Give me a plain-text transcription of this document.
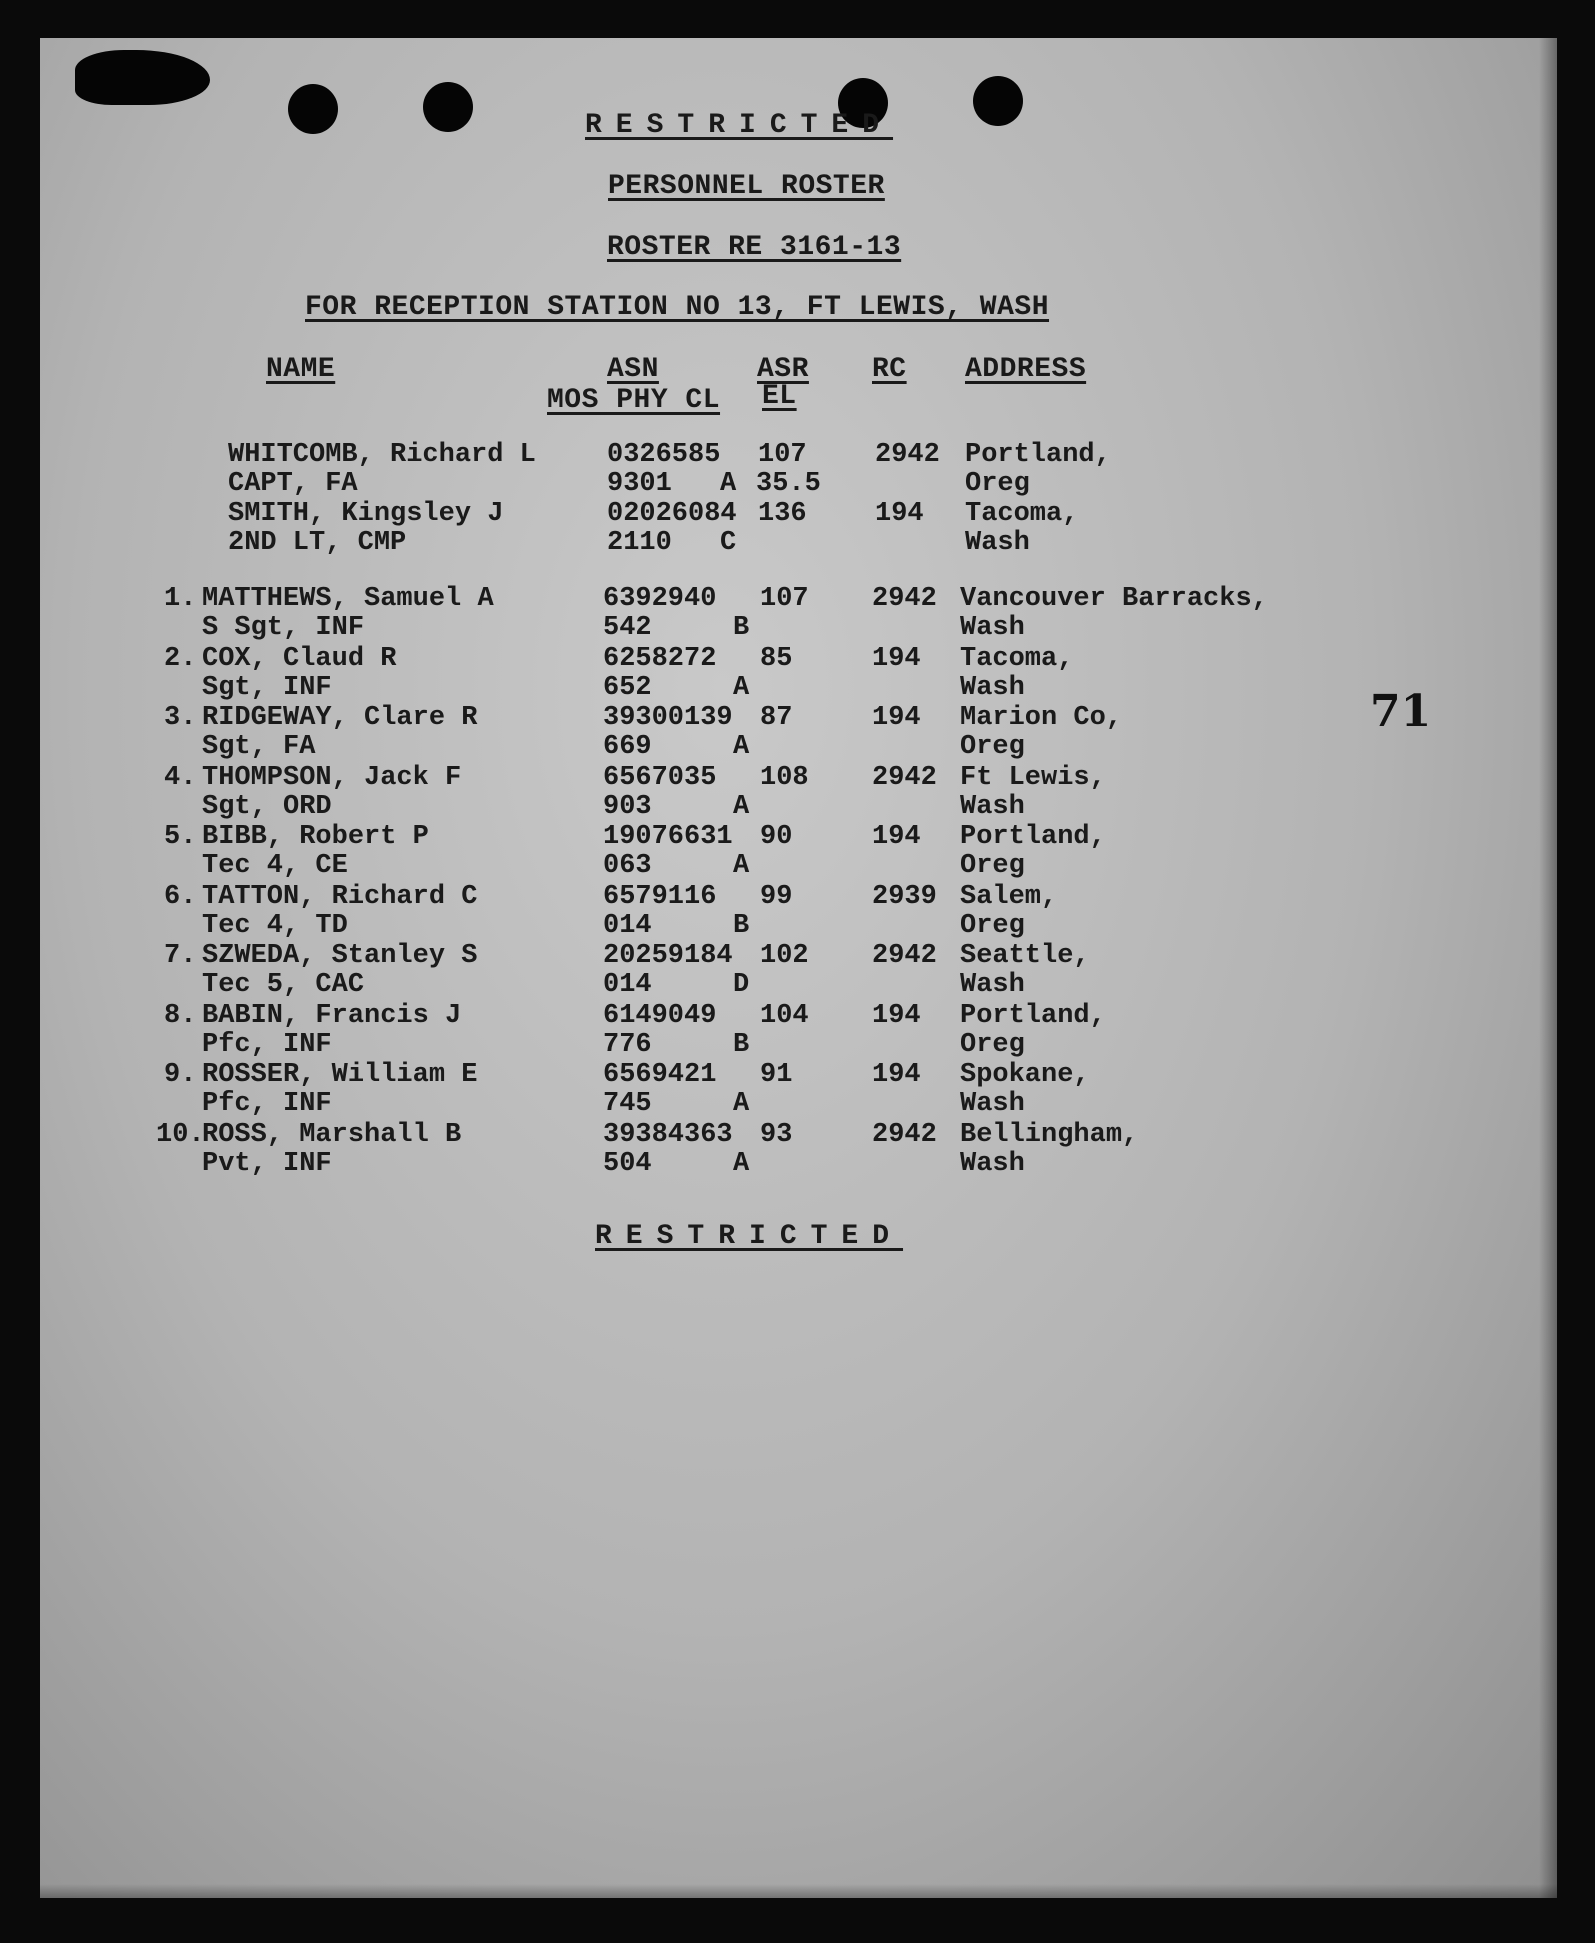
RESTRICTED
PERSONNEL ROSTER
ROSTER RE 3161-13
FOR RECEPTION STATION NO 13, FT LEWIS, WASH
NAME	ASN	ASR RC ADDRESS
MOS PHY CL EL
WHITCOMB, Richard L	0326585 107	2942 Portland,
CAPT, FA	9301 A 35.5	Oreg
SMITH, Kingsley J	02026084 136	194 Tacoma,
2ND LT, CMP	2110 C	Wash
1. MATTHEWS, Samuel A	6392940 107 2942 Vancouver Barracks,
S Sgt, INF	542	B	Wash
2. COX, Claud R	6258272 85	194 Tacoma,
Sgt, INF	652	A	Wash
3. RIDGEWAY, Clare R	39300139 87	194 Marion Co,
Sgt, FA	669	A	Oreg
4. THOMPSON, Jack F	6567035 108 2942 Ft Lewis,
Sgt, ORD	903	A	Wash
5. BIBB, Robert P	19076631 90	194 Portland,
Tec 4, CE	063	A	Oreg
6. TATTON, Richard C	6579116 99	2939 Salem,
Tec 4, TD	014	B	Oreg
7. SZWEDA, Stanley S	20259184 102 2942 Seattle,
Tec 5, CAC	014	D	Wash
8. BABIN, Francis J	6149049 104 194 Portland,
Pfc, INF	776	B	Oreg
9. ROSSER, William E	6569421 91	194 Spokane,
Pfc, INF	745	A	Wash
10.
ROSS, Marshall B	39384363 93	2942 Bellingham,
Pvt, INF	504	A	Wash
RESTRICTED
71
